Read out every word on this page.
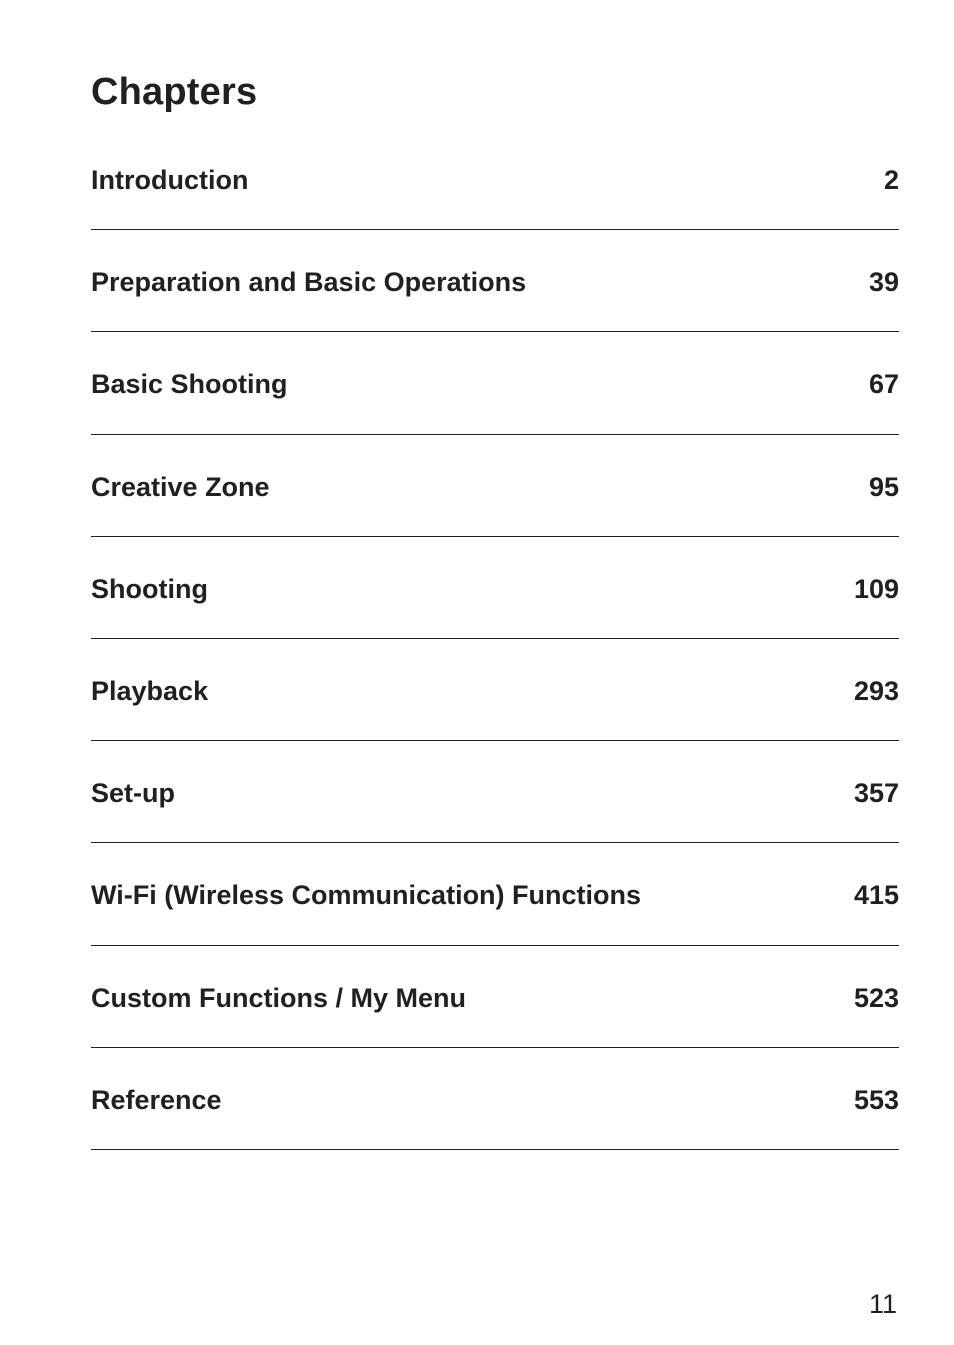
Chapters
Introduction	2
Preparation and Basic Operations	39
Basic Shooting	67
Creative Zone	95
Shooting	109
Playback	293
Set-up	357
Wi-Fi (Wireless Communication) Functions	415
Custom Functions / My Menu	523
Reference	553
11
